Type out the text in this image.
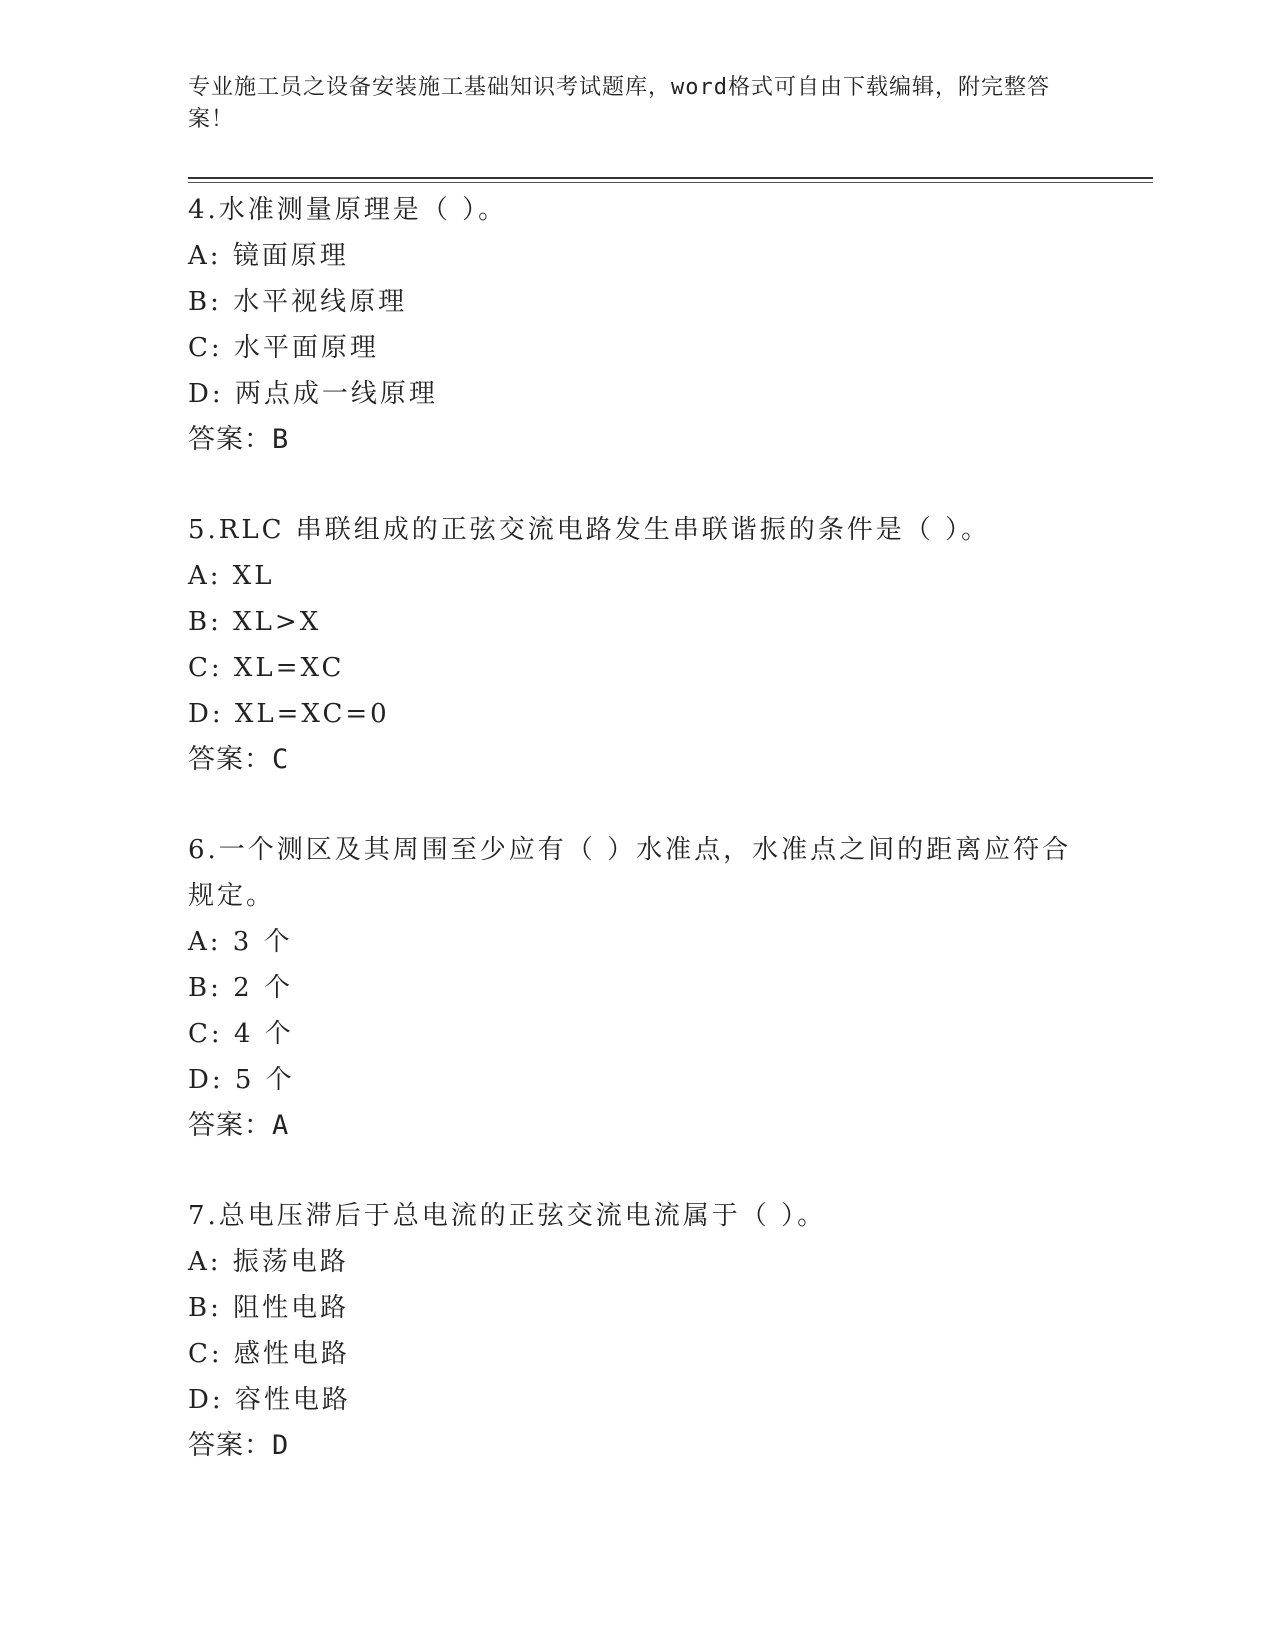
专业施工员之设备安装施工基础知识考试题库，word格式可自由下载编辑，附完整答案！

4.水准测量原理是（ ）。

A: 镜面原理

B: 水平视线原理

C: 水平面原理

D: 两点成一线原理

答案：B

5.RLC 串联组成的正弦交流电路发生串联谐振的条件是（ ）。

A: XL

B: XL>X

C: XL=XC

D: XL=XC=0

答案：C

6.一个测区及其周围至少应有（ ）水准点，水准点之间的距离应符合规定。

A: 3 个

B: 2 个

C: 4 个

D: 5 个

答案：A

7.总电压滞后于总电流的正弦交流电流属于（ ）。

A: 振荡电路

B: 阻性电路

C: 感性电路

D: 容性电路

答案：D
